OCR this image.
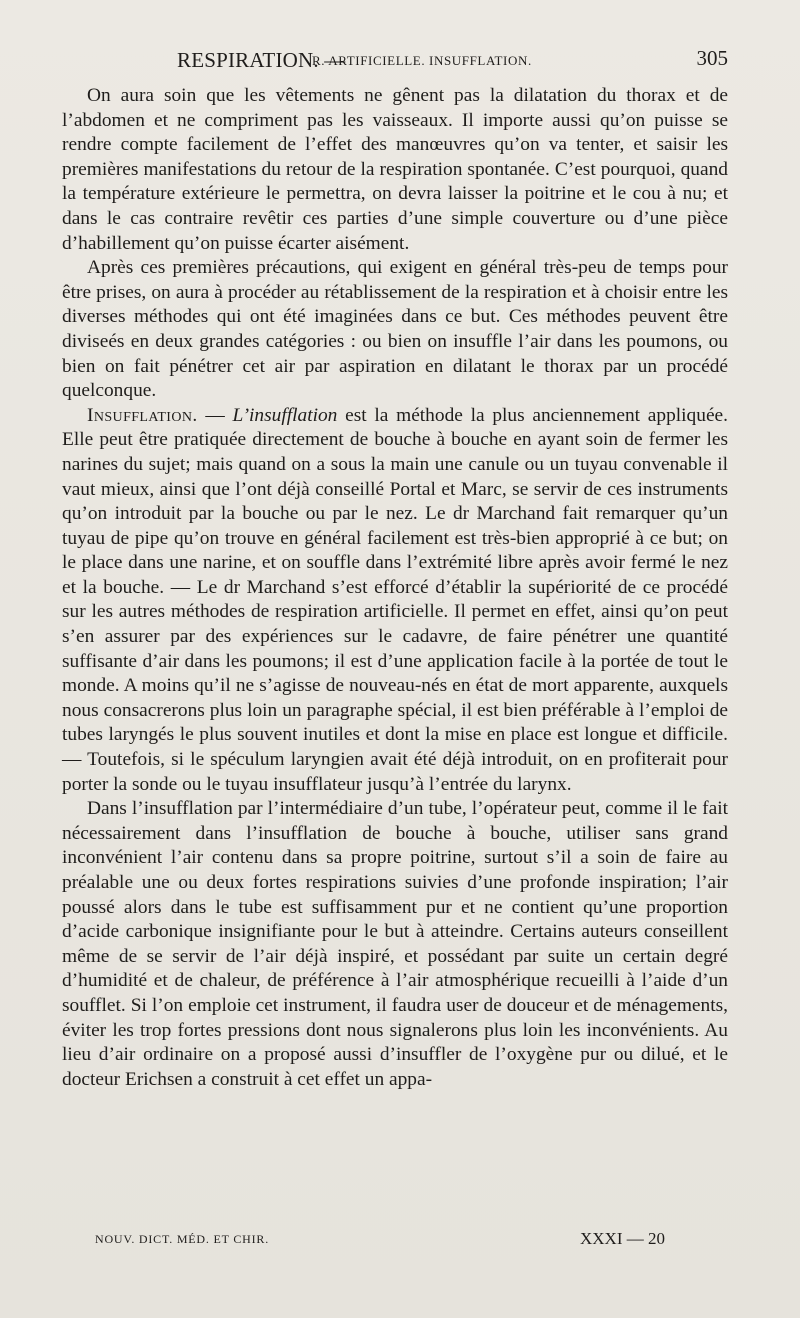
RESPIRATION. —
R. ARTIFICIELLE. INSUFFLATION.	305

On aura soin que les vêtements ne gênent pas la dilatation du thorax et de l’abdomen et ne compriment pas les vaisseaux. Il importe aussi qu’on puisse se rendre compte facilement de l’effet des manœuvres qu’on va tenter, et saisir les premières manifestations du retour de la respiration spontanée. C’est pourquoi, quand la température extérieure le permettra, on devra laisser la poitrine et le cou à nu; et dans le cas contraire revêtir ces parties d’une simple couverture ou d’une pièce d’habillement qu’on puisse écarter aisément.

Après ces premières précautions, qui exigent en général très-peu de temps pour être prises, on aura à procéder au rétablissement de la respiration et à choisir entre les diverses méthodes qui ont été imaginées dans ce but. Ces méthodes peuvent être diviseés en deux grandes catégories : ou bien on insuffle l’air dans les poumons, ou bien on fait pénétrer cet air par aspiration en dilatant le thorax par un procédé quelconque.

Insufflation. — L’insufflation est la méthode la plus anciennement appliquée. Elle peut être pratiquée directement de bouche à bouche en ayant soin de fermer les narines du sujet; mais quand on a sous la main une canule ou un tuyau convenable il vaut mieux, ainsi que l’ont déjà conseillé Portal et Marc, se servir de ces instruments qu’on introduit par la bouche ou par le nez. Le dr Marchand fait remarquer qu’un tuyau de pipe qu’on trouve en général facilement est très-bien approprié à ce but; on le place dans une narine, et on souffle dans l’extrémité libre après avoir fermé le nez et la bouche. — Le dr Marchand s’est efforcé d’établir la supériorité de ce procédé sur les autres méthodes de respiration artificielle. Il permet en effet, ainsi qu’on peut s’en assurer par des expériences sur le cadavre, de faire pénétrer une quantité suffisante d’air dans les poumons; il est d’une application facile à la portée de tout le monde. A moins qu’il ne s’agisse de nouveau-nés en état de mort apparente, auxquels nous consacrerons plus loin un paragraphe spécial, il est bien préférable à l’emploi de tubes laryngés le plus souvent inutiles et dont la mise en place est longue et difficile. — Toutefois, si le spéculum laryngien avait été déjà introduit, on en profiterait pour porter la sonde ou le tuyau insufflateur jusqu’à l’entrée du larynx.

Dans l’insufflation par l’intermédiaire d’un tube, l’opérateur peut, comme il le fait nécessairement dans l’insufflation de bouche à bouche, utiliser sans grand inconvénient l’air contenu dans sa propre poitrine, surtout s’il a soin de faire au préalable une ou deux fortes respirations suivies d’une profonde inspiration; l’air poussé alors dans le tube est suffisamment pur et ne contient qu’une proportion d’acide carbonique insignifiante pour le but à atteindre. Certains auteurs conseillent même de se servir de l’air déjà inspiré, et possédant par suite un certain degré d’humidité et de chaleur, de préférence à l’air atmosphérique recueilli à l’aide d’un soufflet. Si l’on emploie cet instrument, il faudra user de douceur et de ménagements, éviter les trop fortes pressions dont nous signalerons plus loin les inconvénients. Au lieu d’air ordinaire on a proposé aussi d’insuffler de l’oxygène pur ou dilué, et le docteur Erichsen a construit à cet effet un appa-

NOUV. DICT. MÉD. ET CHIR.	XXXI — 20
